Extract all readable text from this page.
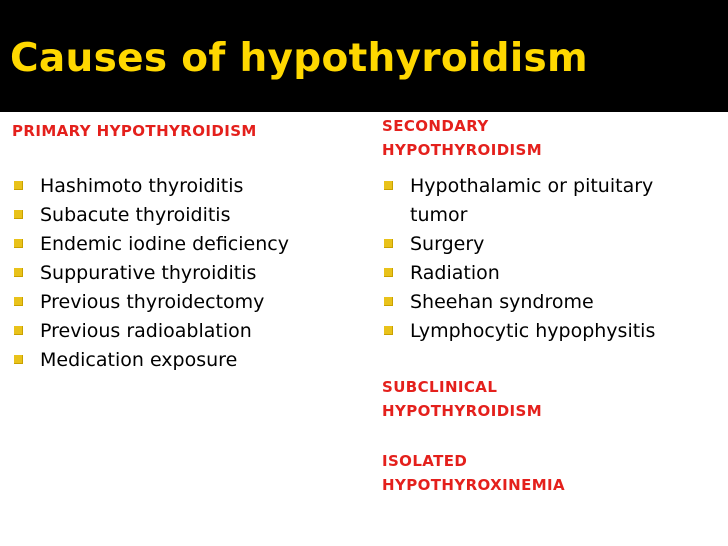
Causes of hypothyroidism
PRIMARY HYPOTHYROIDISM
Hashimoto thyroiditis
Subacute thyroiditis
Endemic iodine deficiency
Suppurative thyroiditis
Previous thyroidectomy
Previous radioablation
Medication exposure
SECONDARY HYPOTHYROIDISM
Hypothalamic or pituitary tumor
Surgery
Radiation
Sheehan syndrome
Lymphocytic hypophysitis
SUBCLINICAL HYPOTHYROIDISM
ISOLATED HYPOTHYROXINEMIA
